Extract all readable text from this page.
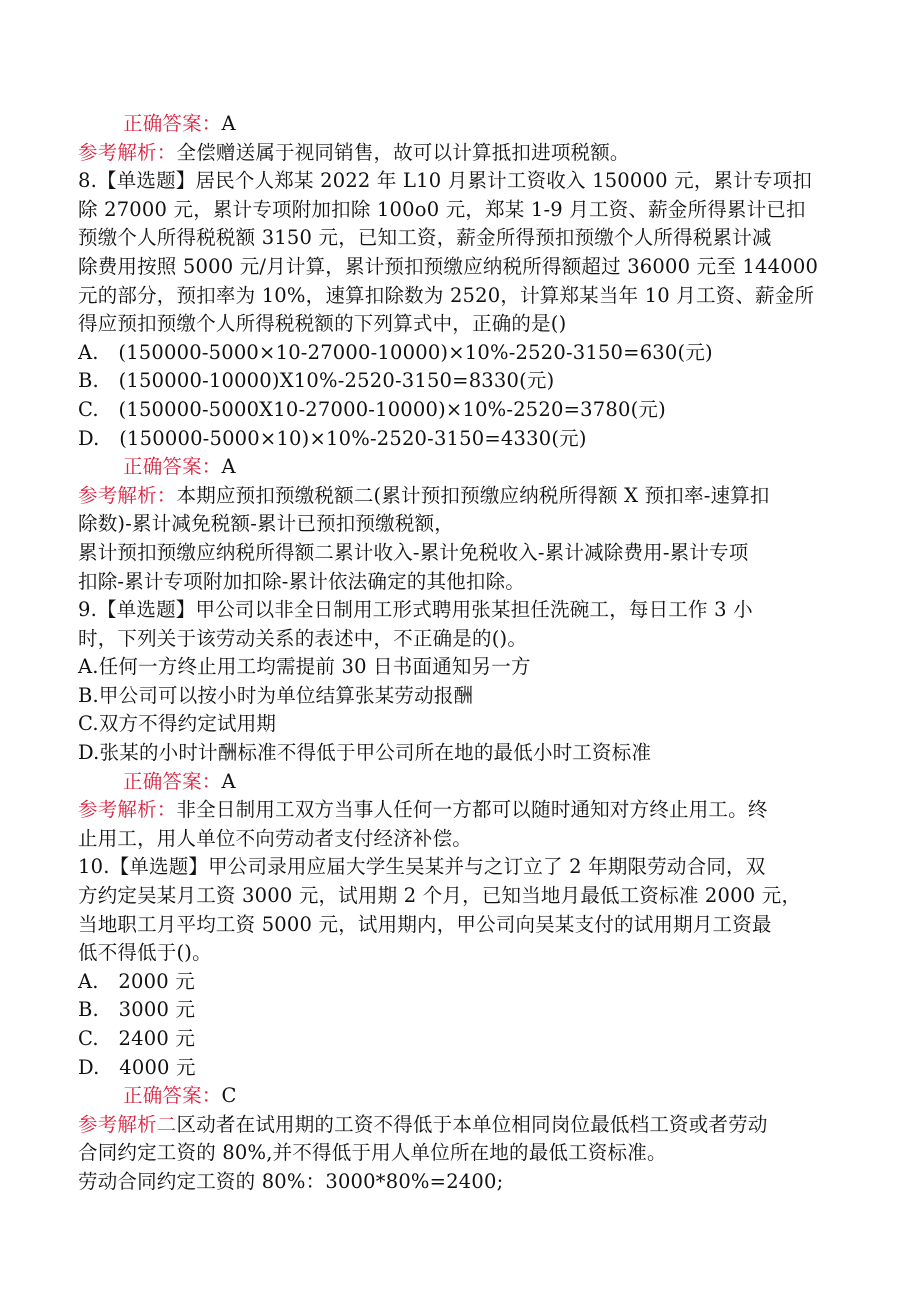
正确答案：A
参考解析：全偿赠送属于视同销售，故可以计算抵扣进项税额。
8.【单选题】居民个人郑某 2022 年 L10 月累计工资收入 150000 元，累计专项扣
除 27000 元，累计专项附加扣除 100o0 元，郑某 1-9 月工资、薪金所得累计已扣
预缴个人所得税税额 3150 元，已知工资，薪金所得预扣预缴个人所得税累计减
除费用按照 5000 元/月计算，累计预扣预缴应纳税所得额超过 36000 元至 144000
元的部分，预扣率为 10%，速算扣除数为 2520，计算郑某当年 10 月工资、薪金所
得应预扣预缴个人所得税税额的下列算式中，正确的是()
A.　(150000-5000×10-27000-10000)×10%-2520-3150=630(元)
B.　(150000-10000)X10%-2520-3150=8330(元)
C.　(150000-5000X10-27000-10000)×10%-2520=3780(元)
D.　(150000-5000×10)×10%-2520-3150=4330(元)
正确答案：A
参考解析：本期应预扣预缴税额二(累计预扣预缴应纳税所得额 X 预扣率-速算扣
除数)-累计减免税额-累计已预扣预缴税额，
累计预扣预缴应纳税所得额二累计收入-累计免税收入-累计减除费用-累计专项
扣除-累计专项附加扣除-累计依法确定的其他扣除。
9.【单选题】甲公司以非全日制用工形式聘用张某担任洗碗工，每日工作 3 小
时，下列关于该劳动关系的表述中，不正确是的()。
A.任何一方终止用工均需提前 30 日书面通知另一方
B.甲公司可以按小时为单位结算张某劳动报酬
C.双方不得约定试用期
D.张某的小时计酬标准不得低于甲公司所在地的最低小时工资标准
正确答案：A
参考解析：非全日制用工双方当事人任何一方都可以随时通知对方终止用工。终
止用工，用人单位不向劳动者支付经济补偿。
10.【单选题】甲公司录用应届大学生吴某并与之订立了 2 年期限劳动合同，双
方约定吴某月工资 3000 元，试用期 2 个月，已知当地月最低工资标准 2000 元，
当地职工月平均工资 5000 元，试用期内，甲公司向吴某支付的试用期月工资最
低不得低于()。
A.　2000 元
B.　3000 元
C.　2400 元
D.　4000 元
正确答案：C
参考解析二区动者在试用期的工资不得低于本单位相同岗位最低档工资或者劳动
合同约定工资的 80%,并不得低于用人单位所在地的最低工资标准。
劳动合同约定工资的 80%：3000*80%=2400;
